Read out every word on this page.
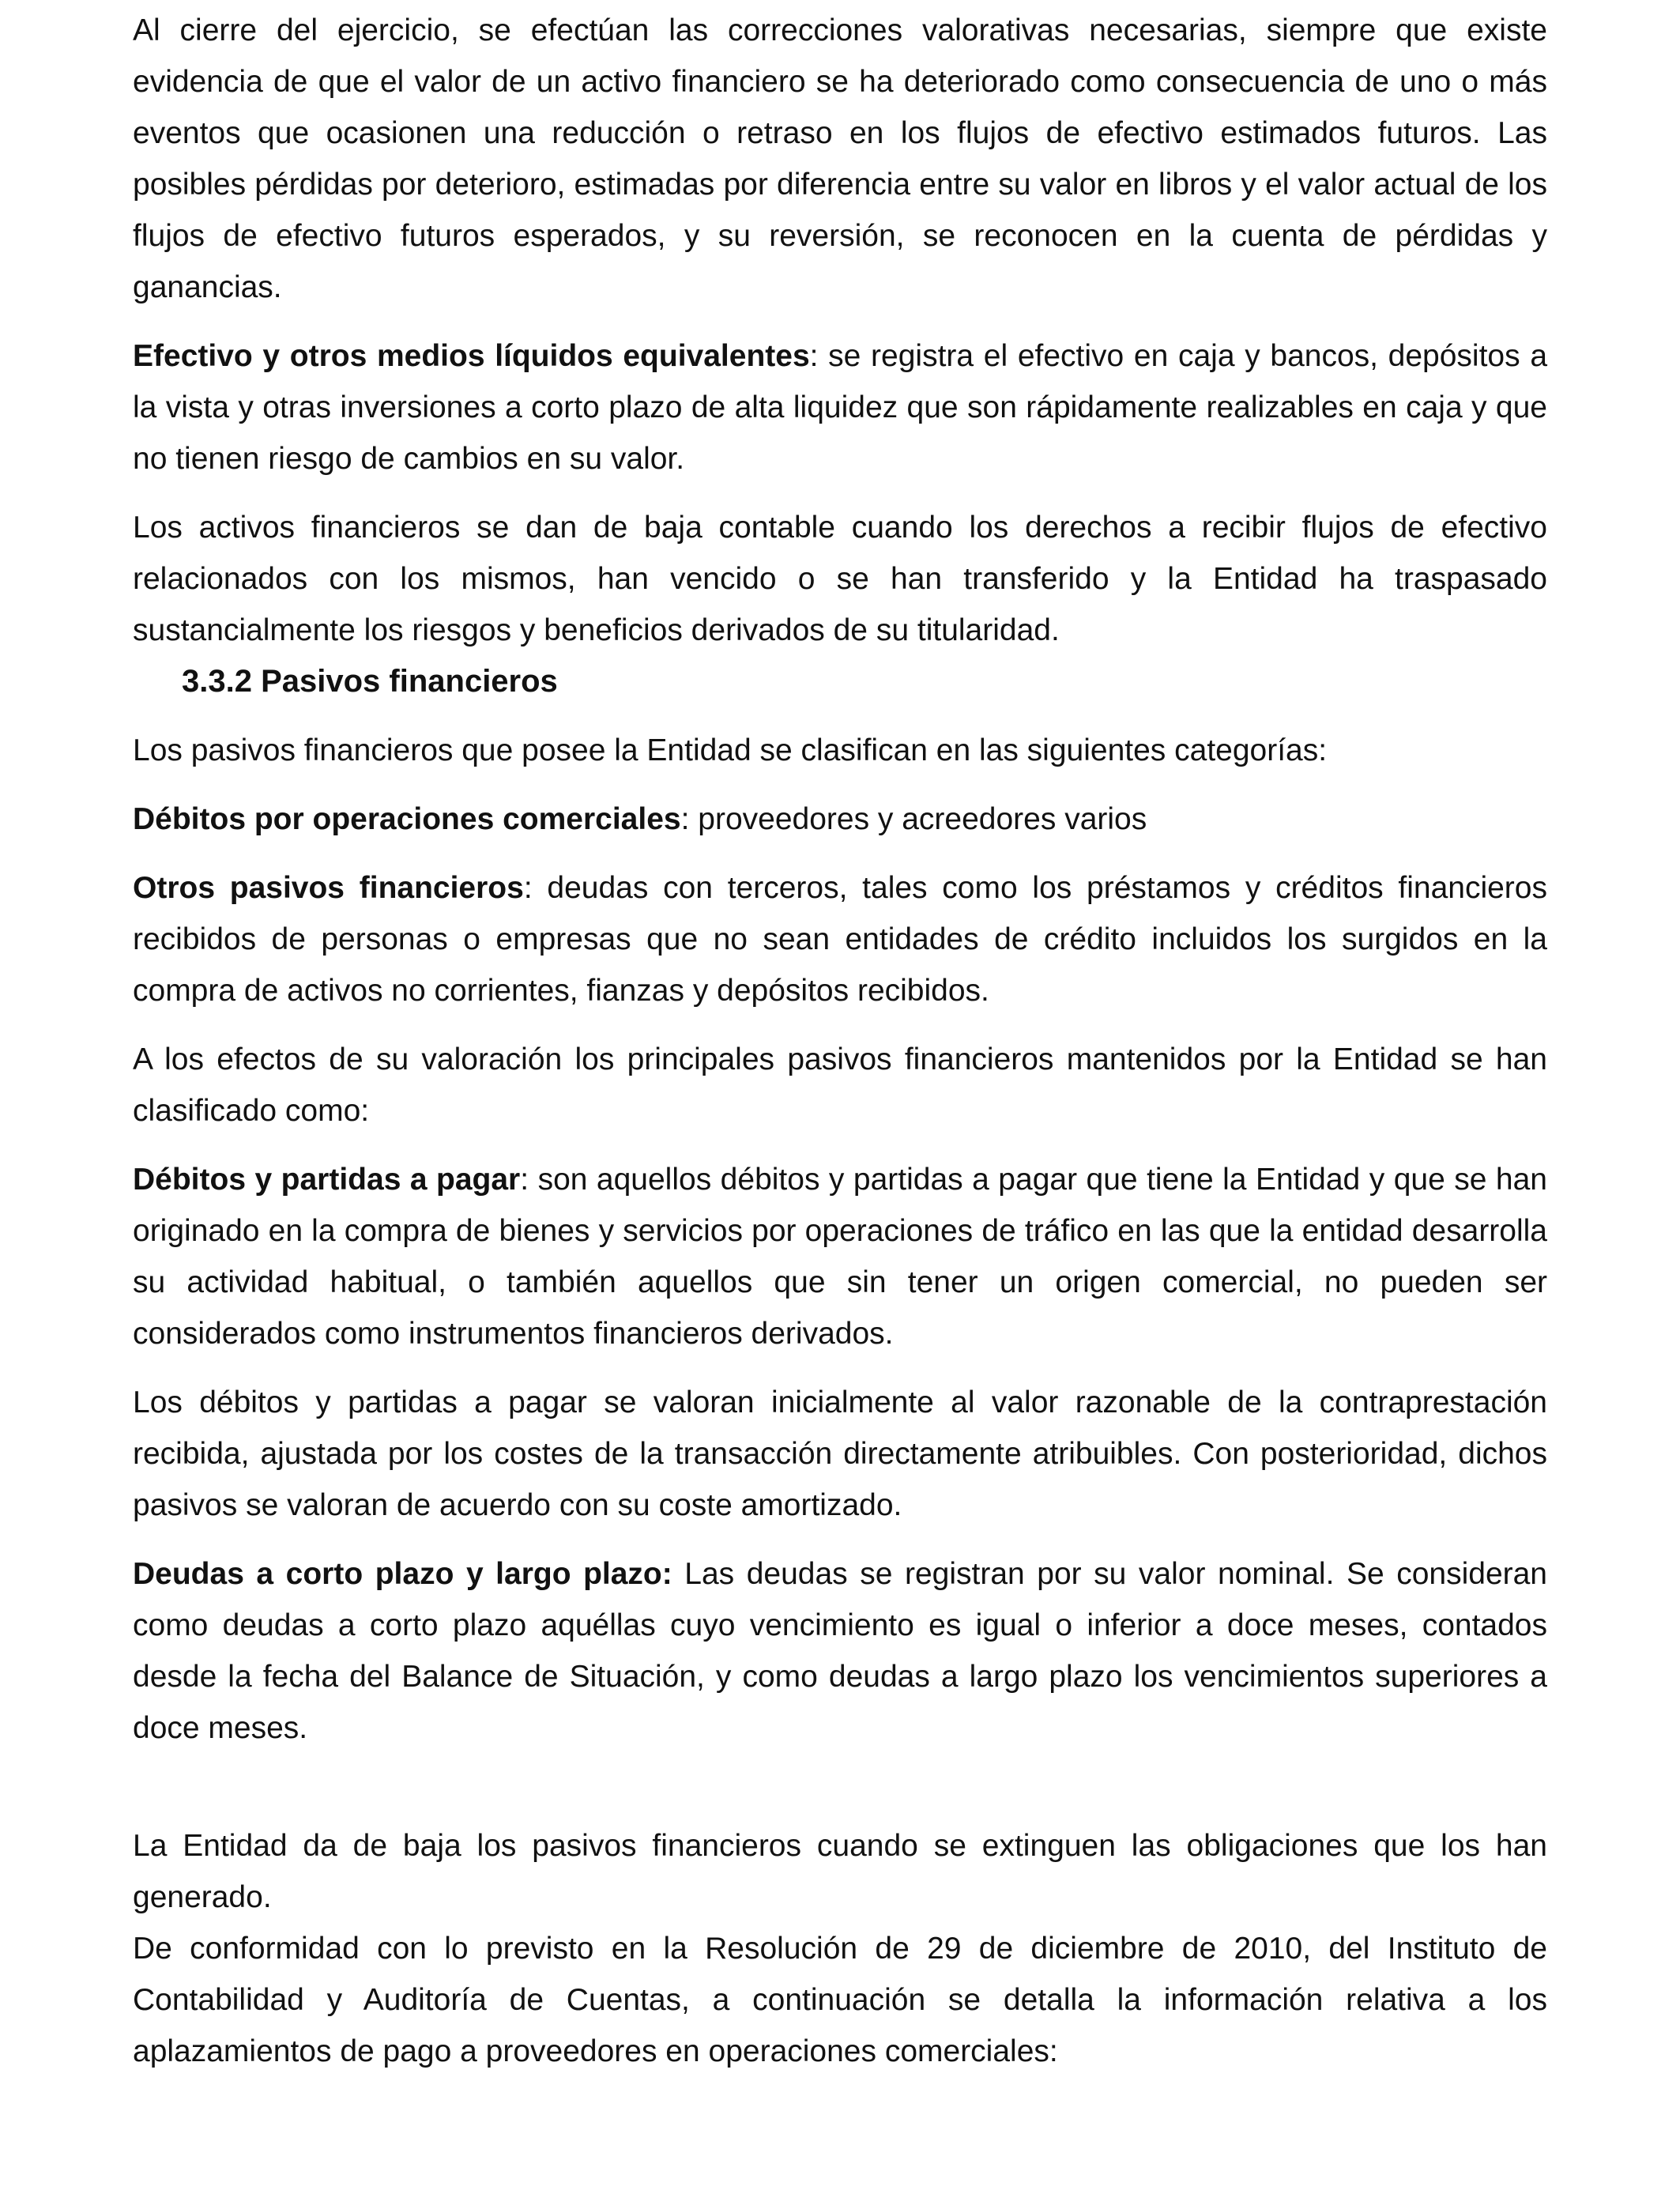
Al cierre del ejercicio, se efectúan las correcciones valorativas necesarias, siempre que existe evidencia de que el valor de un activo financiero se ha deteriorado como consecuencia de uno o más eventos que ocasionen una reducción o retraso en los flujos de efectivo estimados futuros. Las posibles pérdidas por deterioro, estimadas por diferencia entre su valor en libros y el valor actual de los flujos de efectivo futuros esperados, y su reversión, se reconocen en la cuenta de pérdidas y ganancias.

Efectivo y otros medios líquidos equivalentes: se registra el efectivo en caja y bancos, depósitos a la vista y otras inversiones a corto plazo de alta liquidez que son rápidamente realizables en caja y que no tienen riesgo de cambios en su valor.

Los activos financieros se dan de baja contable cuando los derechos a recibir flujos de efectivo relacionados con los mismos, han vencido o se han transferido y la Entidad ha traspasado sustancialmente los riesgos y beneficios derivados de su titularidad.

3.3.2 Pasivos financieros

Los pasivos financieros que posee la Entidad se clasifican en las siguientes categorías:

Débitos por operaciones comerciales: proveedores y acreedores varios

Otros pasivos financieros: deudas con terceros, tales como los préstamos y créditos financieros recibidos de personas o empresas que no sean entidades de crédito incluidos los surgidos en la compra de activos no corrientes, fianzas y depósitos recibidos.

A los efectos de su valoración los principales pasivos financieros mantenidos por la Entidad se han clasificado como:

Débitos y partidas a pagar: son aquellos débitos y partidas a pagar que tiene la Entidad y que se han originado en la compra de bienes y servicios por operaciones de tráfico en las que la entidad desarrolla su actividad habitual, o también aquellos que sin tener un origen comercial, no pueden ser considerados como instrumentos financieros derivados.

Los débitos y partidas a pagar se valoran inicialmente al valor razonable de la contraprestación recibida, ajustada por los costes de la transacción directamente atribuibles. Con posterioridad, dichos pasivos se valoran de acuerdo con su coste amortizado.

Deudas a corto plazo y largo plazo: Las deudas se registran por su valor nominal. Se consideran como deudas a corto plazo aquéllas cuyo vencimiento es igual o inferior a doce meses, contados desde la fecha del Balance de Situación, y como deudas a largo plazo los vencimientos superiores a doce meses.

La Entidad da de baja los pasivos financieros cuando se extinguen las obligaciones que los han generado.

De conformidad con lo previsto en la Resolución de 29 de diciembre de 2010, del Instituto de Contabilidad y Auditoría de Cuentas, a continuación se detalla la información relativa a los aplazamientos de pago a proveedores en operaciones comerciales:
